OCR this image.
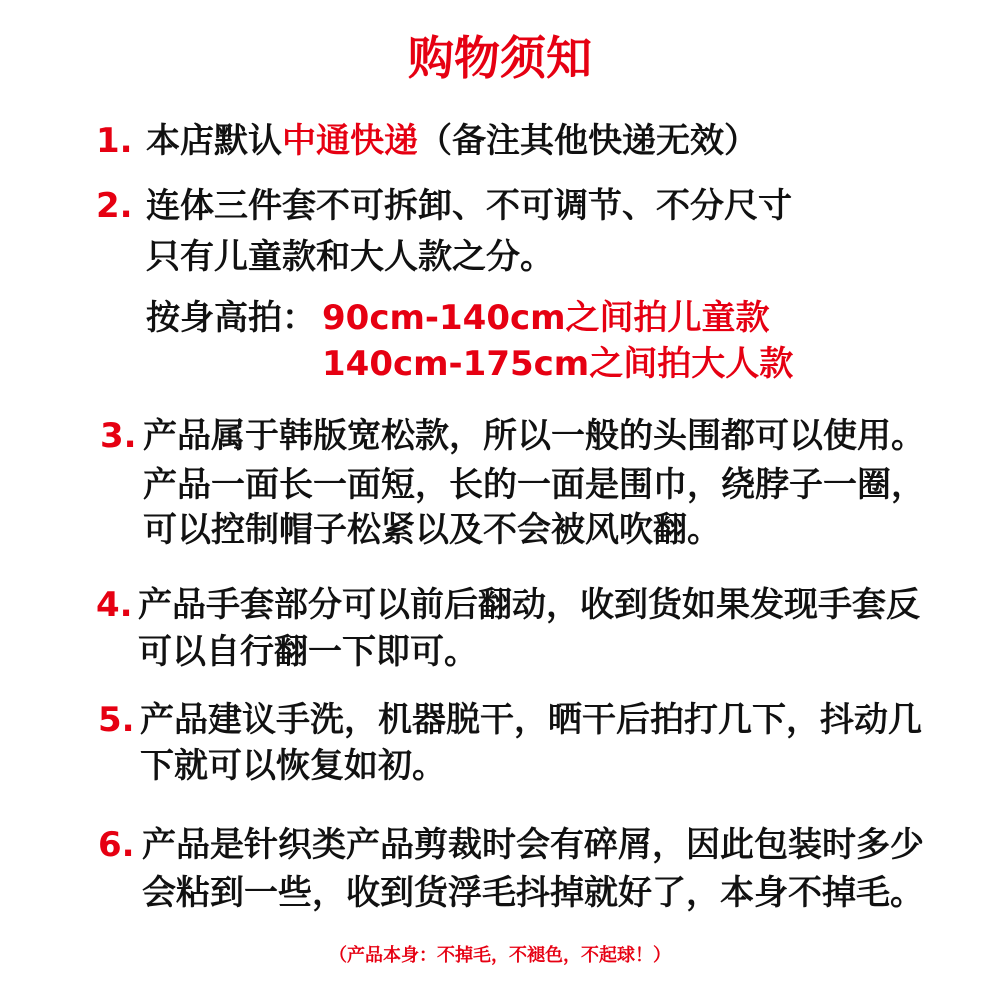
购物须知
1. 本店默认中通快递（备注其他快递无效）
2. 连体三件套不可拆卸、不可调节、不分尺寸
只有儿童款和大人款之分。
按身高拍： 90cm-140cm之间拍儿童款
140cm-175cm之间拍大人款
3. 产品属于韩版宽松款，所以一般的头围都可以使用。
产品一面长一面短，长的一面是围巾，绕脖子一圈，
可以控制帽子松紧以及不会被风吹翻。
4. 产品手套部分可以前后翻动，收到货如果发现手套反
可以自行翻一下即可。
5. 产品建议手洗，机器脱干，晒干后拍打几下，抖动几
下就可以恢复如初。
6. 产品是针织类产品剪裁时会有碎屑，因此包装时多少
会粘到一些，收到货浮毛抖掉就好了，本身不掉毛。
（产品本身：不掉毛，不褪色，不起球！）
